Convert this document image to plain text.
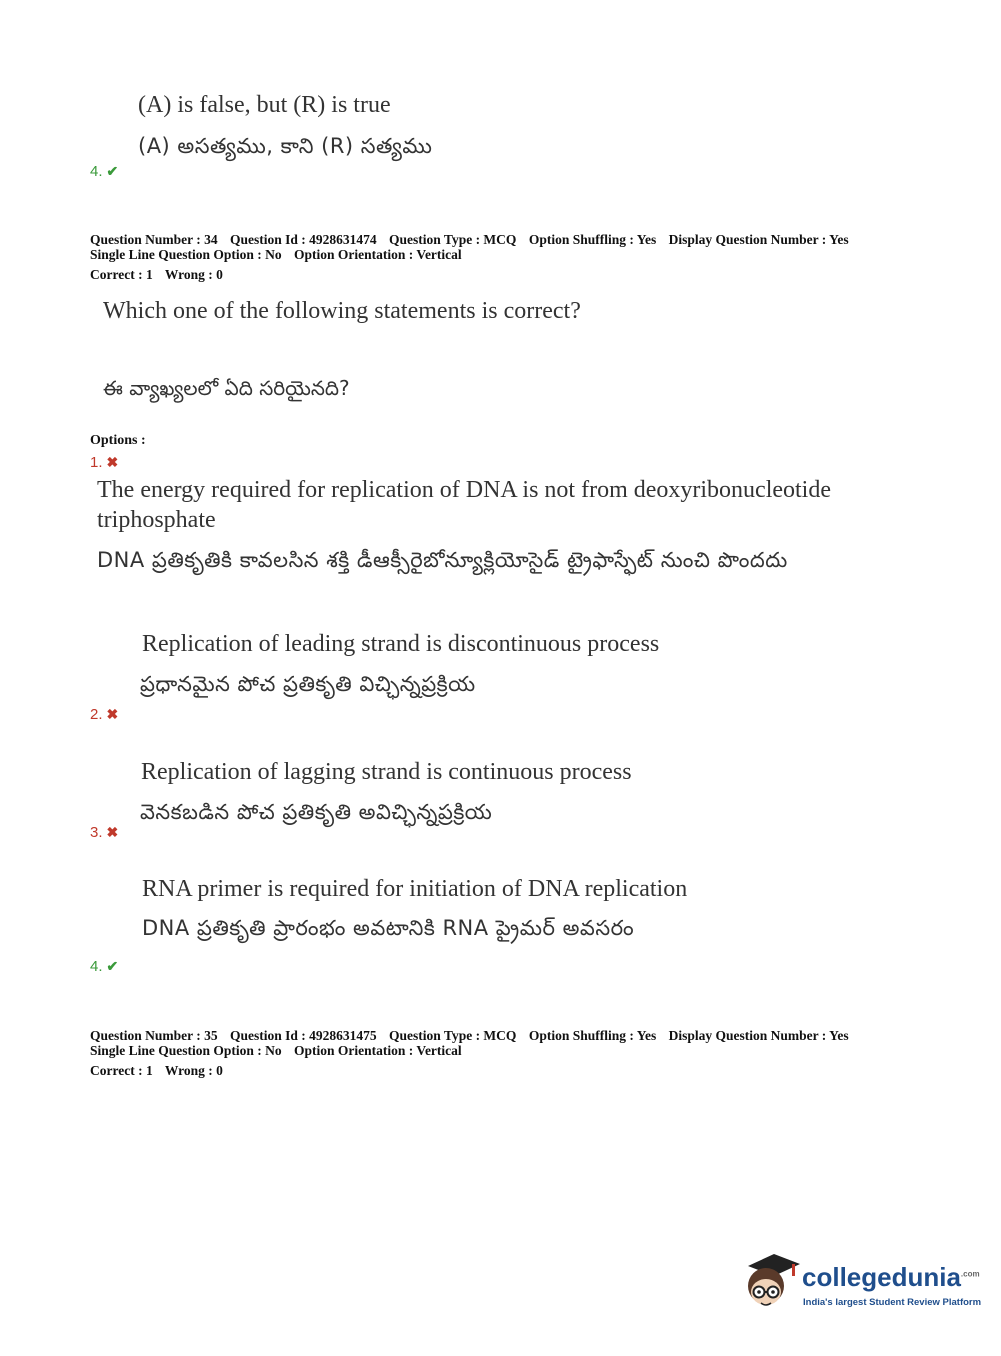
(A) is false, but (R) is true
(A) అసత్యము, కాని (R) సత్యము
4. ✔
Question Number : 34 Question Id : 4928631474 Question Type : MCQ Option Shuffling : Yes Display Question Number : Yes
Single Line Question Option : No Option Orientation : Vertical
Correct : 1 Wrong : 0
Which one of the following statements is correct?
ఈ వ్యాఖ్యలలో ఏది సరియైనది?
Options :
1. ✖
The energy required for replication of DNA is not from deoxyribonucleotide
triphosphate
DNA ప్రతికృతికి కావలసిన శక్తి డీఆక్సీరైబోన్యూక్లియోసైడ్ ట్రైఫాస్ఫేట్ నుంచి పొందదు
Replication of leading strand is discontinuous process
ప్రధానమైన పోచ ప్రతికృతి విచ్ఛిన్నప్రక్రియ
2. ✖
Replication of lagging strand is continuous process
వెనకబడిన పోచ ప్రతికృతి అవిచ్ఛిన్నప్రక్రియ
3. ✖
RNA primer is required for initiation of DNA replication
DNA ప్రతికృతి ప్రారంభం అవటానికి RNA ప్రైమర్ అవసరం
4. ✔
Question Number : 35 Question Id : 4928631475 Question Type : MCQ Option Shuffling : Yes Display Question Number : Yes
Single Line Question Option : No Option Orientation : Vertical
Correct : 1 Wrong : 0
collegedunia$^{.com}$
India's largest Student Review Platform
